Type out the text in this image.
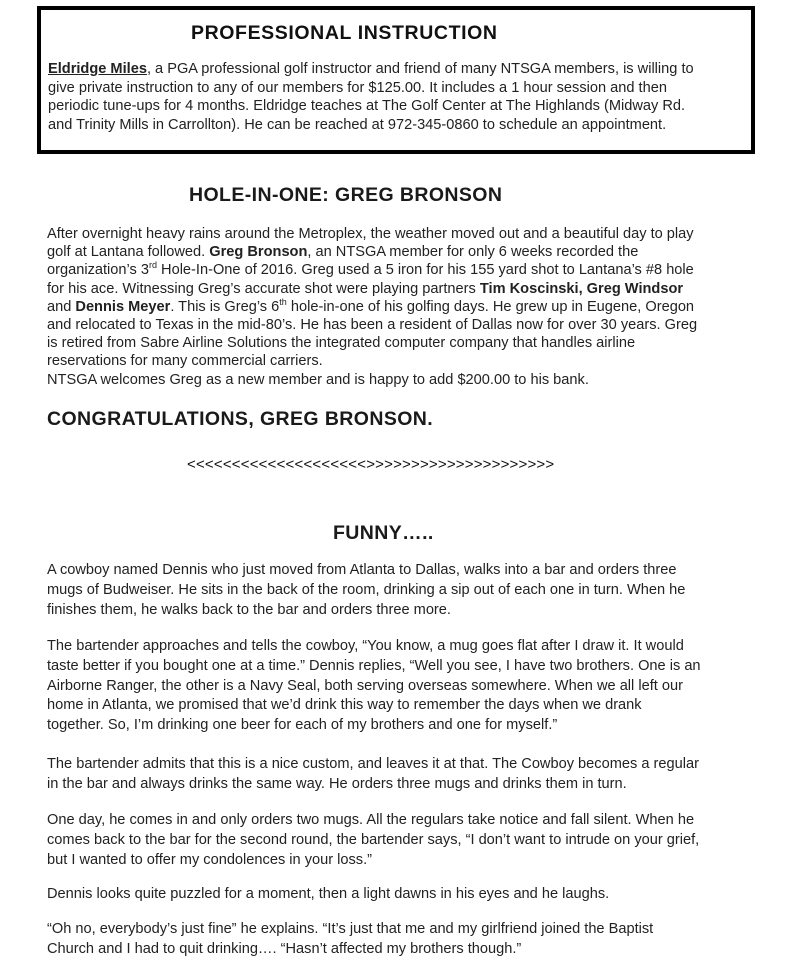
PROFESSIONAL INSTRUCTION
Eldridge Miles, a PGA professional golf instructor and friend of many NTSGA members, is willing to
give private instruction to any of our members for $125.00. It includes a 1 hour session and then
periodic tune-ups for 4 months. Eldridge teaches at The Golf Center at The Highlands (Midway Rd.
and Trinity Mills in Carrollton). He can be reached at 972-345-0860 to schedule an appointment.
HOLE-IN-ONE: GREG BRONSON
After overnight heavy rains around the Metroplex, the weather moved out and a beautiful day to play
golf at Lantana followed. Greg Bronson, an NTSGA member for only 6 weeks recorded the
organization’s 3rd Hole-In-One of 2016. Greg used a 5 iron for his 155 yard shot to Lantana’s #8 hole
for his ace. Witnessing Greg’s accurate shot were playing partners Tim Koscinski, Greg Windsor
and Dennis Meyer. This is Greg’s 6th hole-in-one of his golfing days. He grew up in Eugene, Oregon
and relocated to Texas in the mid-80’s. He has been a resident of Dallas now for over 30 years. Greg
is retired from Sabre Airline Solutions the integrated computer company that handles airline
reservations for many commercial carriers.
NTSGA welcomes Greg as a new member and is happy to add $200.00 to his bank.
CONGRATULATIONS, GREG BRONSON.
<<<<<<<<<<<<<<<<<<<<>>>>>>>>>>>>>>>>>>>>>
FUNNY…..
A cowboy named Dennis who just moved from Atlanta to Dallas, walks into a bar and orders three
mugs of Budweiser. He sits in the back of the room, drinking a sip out of each one in turn. When he
finishes them, he walks back to the bar and orders three more.
The bartender approaches and tells the cowboy, “You know, a mug goes flat after I draw it. It would
taste better if you bought one at a time.” Dennis replies, “Well you see, I have two brothers. One is an
Airborne Ranger, the other is a Navy Seal, both serving overseas somewhere. When we all left our
home in Atlanta, we promised that we’d drink this way to remember the days when we drank
together. So, I’m drinking one beer for each of my brothers and one for myself.”
The bartender admits that this is a nice custom, and leaves it at that. The Cowboy becomes a regular
in the bar and always drinks the same way. He orders three mugs and drinks them in turn.
One day, he comes in and only orders two mugs. All the regulars take notice and fall silent. When he
comes back to the bar for the second round, the bartender says, “I don’t want to intrude on your grief,
but I wanted to offer my condolences in your loss.”
Dennis looks quite puzzled for a moment, then a light dawns in his eyes and he laughs.
“Oh no, everybody’s just fine” he explains. “It’s just that me and my girlfriend joined the Baptist
Church and I had to quit drinking…. “Hasn’t affected my brothers though.”
